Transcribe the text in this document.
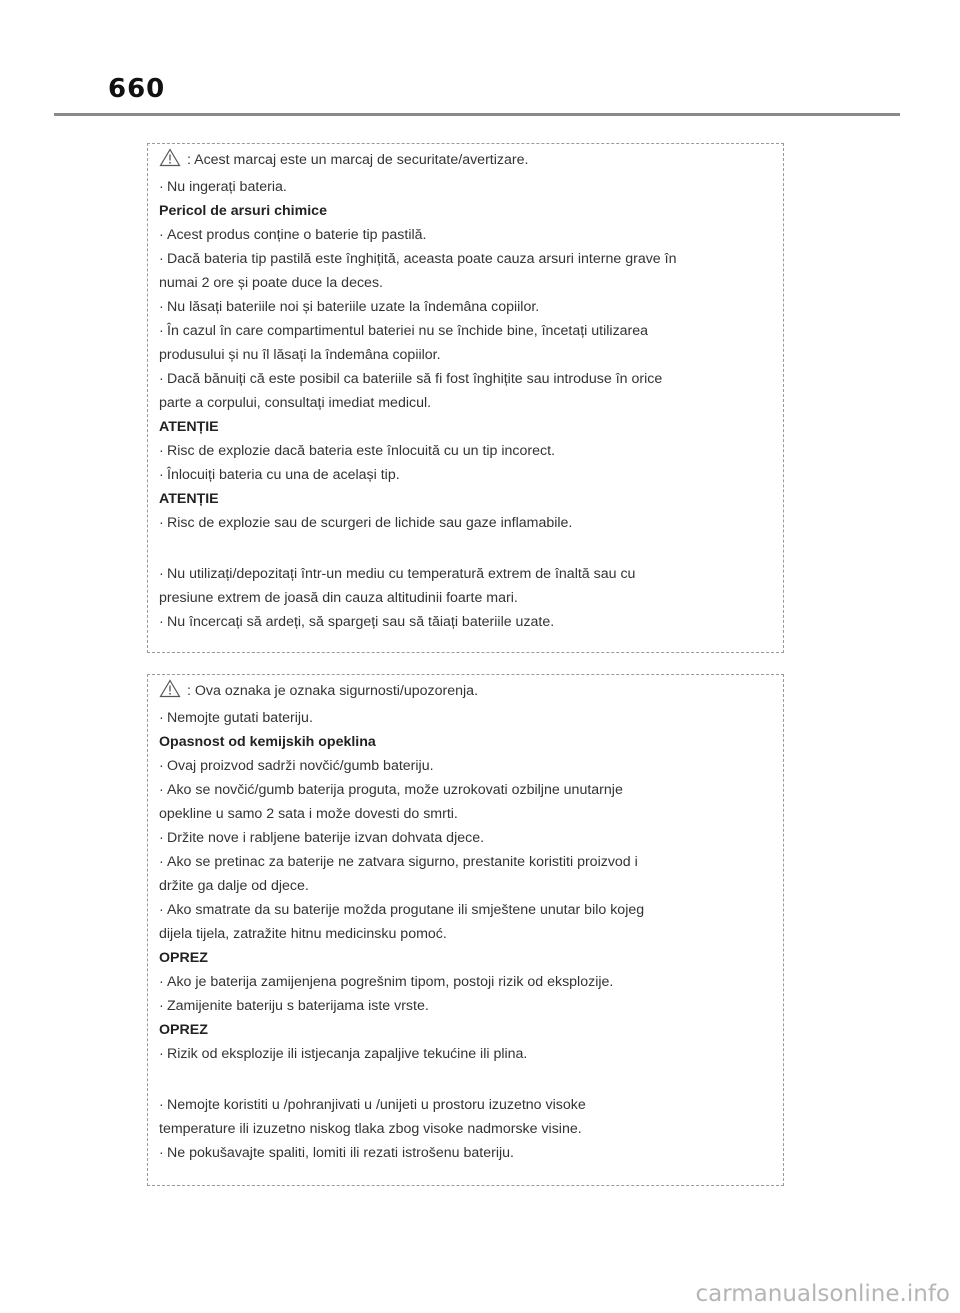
660
: Acest marcaj este un marcaj de securitate/avertizare.
· Nu ingerați bateria.
Pericol de arsuri chimice
· Acest produs conține o baterie tip pastilă.
· Dacă bateria tip pastilă este înghițită, aceasta poate cauza arsuri interne grave în
numai 2 ore și poate duce la deces.
· Nu lăsați bateriile noi și bateriile uzate la îndemâna copiilor.
· În cazul în care compartimentul bateriei nu se închide bine, încetați utilizarea
produsului și nu îl lăsați la îndemâna copiilor.
· Dacă bănuiți că este posibil ca bateriile să fi fost înghițite sau introduse în orice
parte a corpului, consultați imediat medicul.
ATENȚIE
· Risc de explozie dacă bateria este înlocuită cu un tip incorect.
· Înlocuiți bateria cu una de același tip.
ATENȚIE
· Risc de explozie sau de scurgeri de lichide sau gaze inflamabile.
· Nu utilizați/depozitați într-un mediu cu temperatură extrem de înaltă sau cu
presiune extrem de joasă din cauza altitudinii foarte mari.
· Nu încercați să ardeți, să spargeți sau să tăiați bateriile uzate.
: Ova oznaka je oznaka sigurnosti/upozorenja.
· Nemojte gutati bateriju.
Opasnost od kemijskih opeklina
· Ovaj proizvod sadrži novčić/gumb bateriju.
· Ako se novčić/gumb baterija proguta, može uzrokovati ozbiljne unutarnje
opekline u samo 2 sata i može dovesti do smrti.
· Držite nove i rabljene baterije izvan dohvata djece.
· Ako se pretinac za baterije ne zatvara sigurno, prestanite koristiti proizvod i
držite ga dalje od djece.
· Ako smatrate da su baterije možda progutane ili smještene unutar bilo kojeg
dijela tijela, zatražite hitnu medicinsku pomoć.
OPREZ
· Ako je baterija zamijenjena pogrešnim tipom, postoji rizik od eksplozije.
· Zamijenite bateriju s baterijama iste vrste.
OPREZ
· Rizik od eksplozije ili istjecanja zapaljive tekućine ili plina.
· Nemojte koristiti u /pohranjivati u /unijeti u prostoru izuzetno visoke
temperature ili izuzetno niskog tlaka zbog visoke nadmorske visine.
· Ne pokušavajte spaliti, lomiti ili rezati istrošenu bateriju.
carmanualsonline.info
